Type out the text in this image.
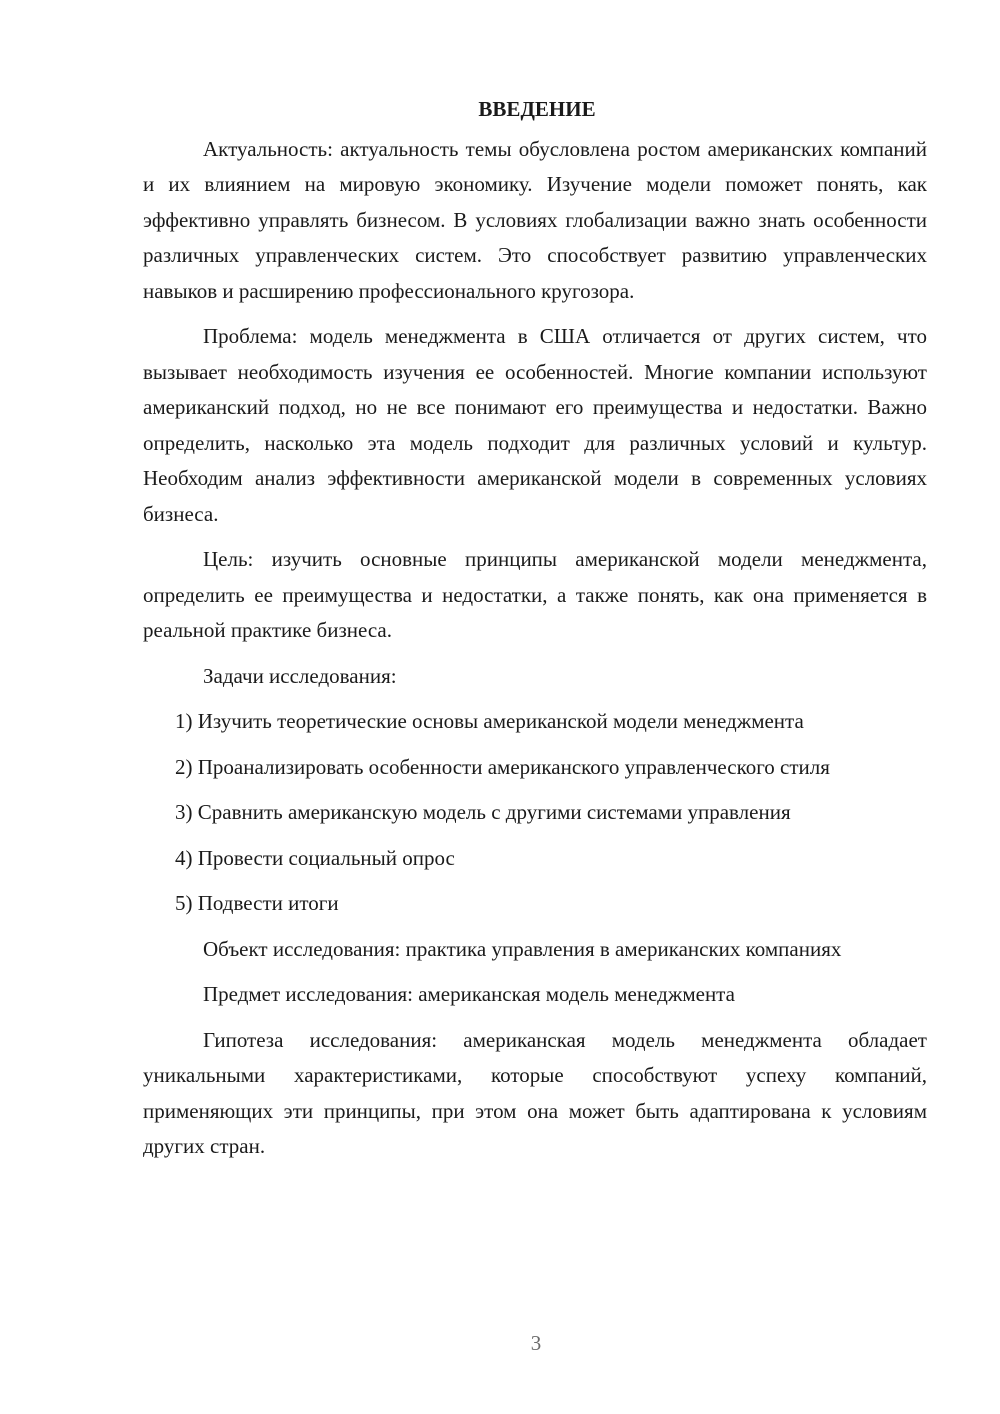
ВВЕДЕНИЕ

Актуальность: актуальность темы обусловлена ростом американских компаний и их влиянием на мировую экономику. Изучение модели поможет понять, как эффективно управлять бизнесом. В условиях глобализации важно знать особенности различных управленческих систем. Это способствует развитию управленческих навыков и расширению профессионального кругозора.

Проблема: модель менеджмента в США отличается от других систем, что вызывает необходимость изучения ее особенностей. Многие компании используют американский подход, но не все понимают его преимущества и недостатки. Важно определить, насколько эта модель подходит для различных условий и культур. Необходим анализ эффективности американской модели в современных условиях бизнеса.

Цель: изучить основные принципы американской модели менеджмента, определить ее преимущества и недостатки, а также понять, как она применяется в реальной практике бизнеса.

Задачи исследования:

1) Изучить теоретические основы американской модели менеджмента

2) Проанализировать особенности американского управленческого стиля

3) Сравнить американскую модель с другими системами управления

4) Провести социальный опрос

5) Подвести итоги

Объект исследования: практика управления в американских компаниях

Предмет исследования: американская модель менеджмента

Гипотеза исследования: американская модель менеджмента обладает уникальными характеристиками, которые способствуют успеху компаний, применяющих эти принципы, при этом она может быть адаптирована к условиям других стран.

3
